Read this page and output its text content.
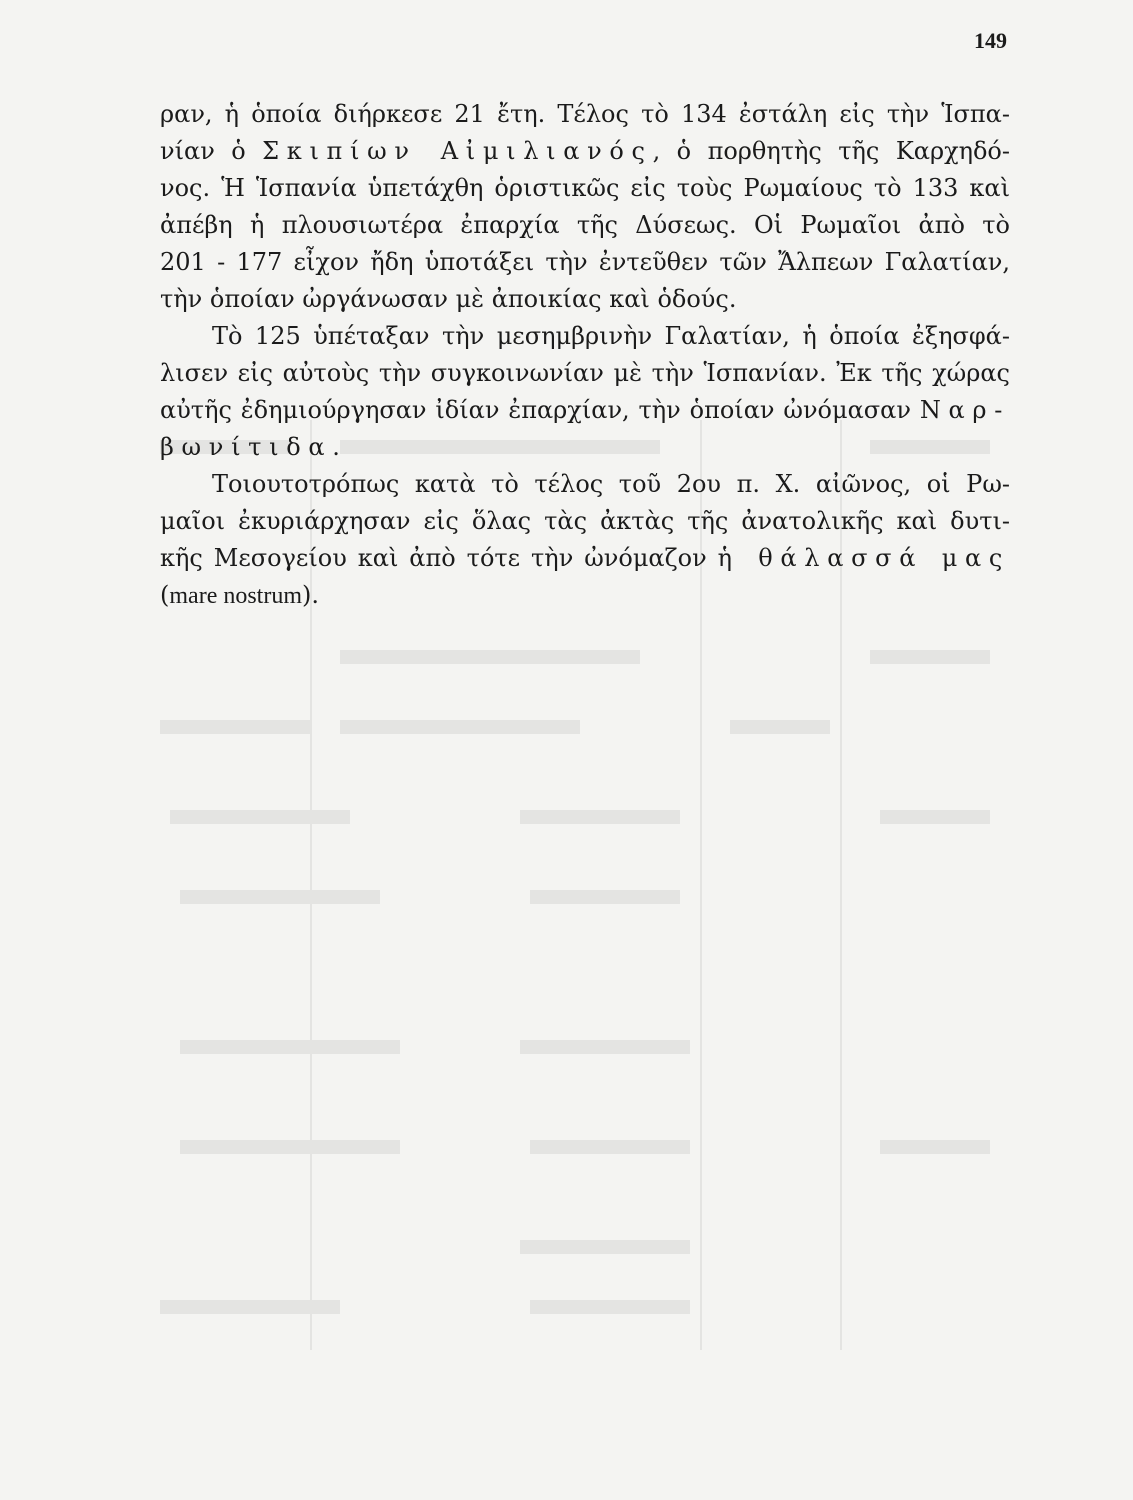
149
ραν, ἡ ὁποία διήρκεσε 21 ἔτη. Τέλος τὸ 134 ἐστάλη εἰς τὴν Ἱσπα-
νίαν ὁ Σκιπίων Αἰμιλιανός, ὁ πορθητὴς τῆς Καρχηδό-
νος. Ἡ Ἱσπανία ὑπετάχθη ὁριστικῶς εἰς τοὺς Ρωμαίους τὸ 133 καὶ
ἀπέβη ἡ πλουσιωτέρα ἐπαρχία τῆς Δύσεως. Οἱ Ρωμαῖοι ἀπὸ τὸ
201 - 177 εἶχον ἤδη ὑποτάξει τὴν ἐντεῦθεν τῶν Ἄλπεων Γαλατίαν,
τὴν ὁποίαν ὠργάνωσαν μὲ ἀποικίας καὶ ὁδούς.
Τὸ 125 ὑπέταξαν τὴν μεσημβρινὴν Γαλατίαν, ἡ ὁποία ἐξησφά-
λισεν εἰς αὐτοὺς τὴν συγκοινωνίαν μὲ τὴν Ἱσπανίαν. Ἐκ τῆς χώρας
αὐτῆς ἐδημιούργησαν ἰδίαν ἐπαρχίαν, τὴν ὁποίαν ὠνόμασαν Ναρ-
βωνίτιδα.
Τοιουτοτρόπως κατὰ τὸ τέλος τοῦ 2ου π. Χ. αἰῶνος, οἱ Ρω-
μαῖοι ἐκυριάρχησαν εἰς ὅλας τὰς ἀκτὰς τῆς ἀνατολικῆς καὶ δυτι-
κῆς Μεσογείου καὶ ἀπὸ τότε τὴν ὠνόμαζον ἡ θάλασσά μας
(mare nostrum).
